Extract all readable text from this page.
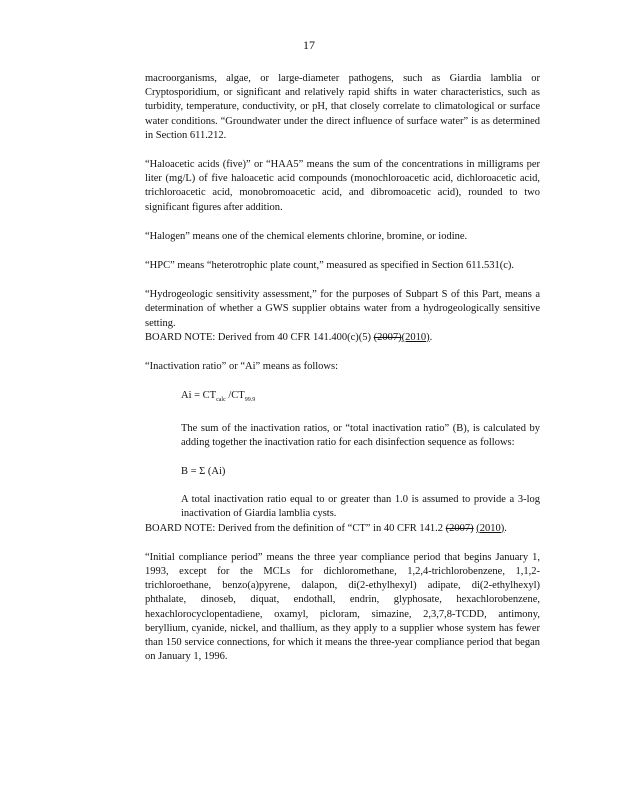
17

macroorganisms, algae, or large-diameter pathogens, such as Giardia lamblia or Cryptosporidium, or significant and relatively rapid shifts in water characteristics, such as turbidity, temperature, conductivity, or pH, that closely correlate to climatological or surface water conditions. “Groundwater under the direct influence of surface water” is as determined in Section 611.212.

“Haloacetic acids (five)” or “HAA5” means the sum of the concentrations in milligrams per liter (mg/L) of five haloacetic acid compounds (monochloroacetic acid, dichloroacetic acid, trichloroacetic acid, monobromoacetic acid, and dibromoacetic acid), rounded to two significant figures after addition.

“Halogen” means one of the chemical elements chlorine, bromine, or iodine.

“HPC” means “heterotrophic plate count,” measured as specified in Section 611.531(c).

“Hydrogeologic sensitivity assessment,” for the purposes of Subpart S of this Part, means a determination of whether a GWS supplier obtains water from a hydrogeologically sensitive setting.

BOARD NOTE: Derived from 40 CFR 141.400(c)(5) (2007)(2010).

“Inactivation ratio” or “Ai” means as follows:

$Ai = CT_{calc}$ $/CT_{99.9}$

The sum of the inactivation ratios, or “total inactivation ratio” (B), is calculated by adding together the inactivation ratio for each disinfection sequence as follows:

B = Σ (Ai)

A total inactivation ratio equal to or greater than 1.0 is assumed to provide a 3-log inactivation of Giardia lamblia cysts.

BOARD NOTE: Derived from the definition of “CT” in 40 CFR 141.2 (2007) (2010).

“Initial compliance period” means the three year compliance period that begins January 1, 1993, except for the MCLs for dichloromethane, 1,2,4-trichlorobenzene, 1,1,2-trichloroethane, benzo(a)pyrene, dalapon, di(2-ethylhexyl) adipate, di(2-ethylhexyl) phthalate, dinoseb, diquat, endothall, endrin, glyphosate, hexachlorobenzene, hexachlorocyclopentadiene, oxamyl, picloram, simazine, 2,3,7,8-TCDD, antimony, beryllium, cyanide, nickel, and thallium, as they apply to a supplier whose system has fewer than 150 service connections, for which it means the three-year compliance period that began on January 1, 1996.
